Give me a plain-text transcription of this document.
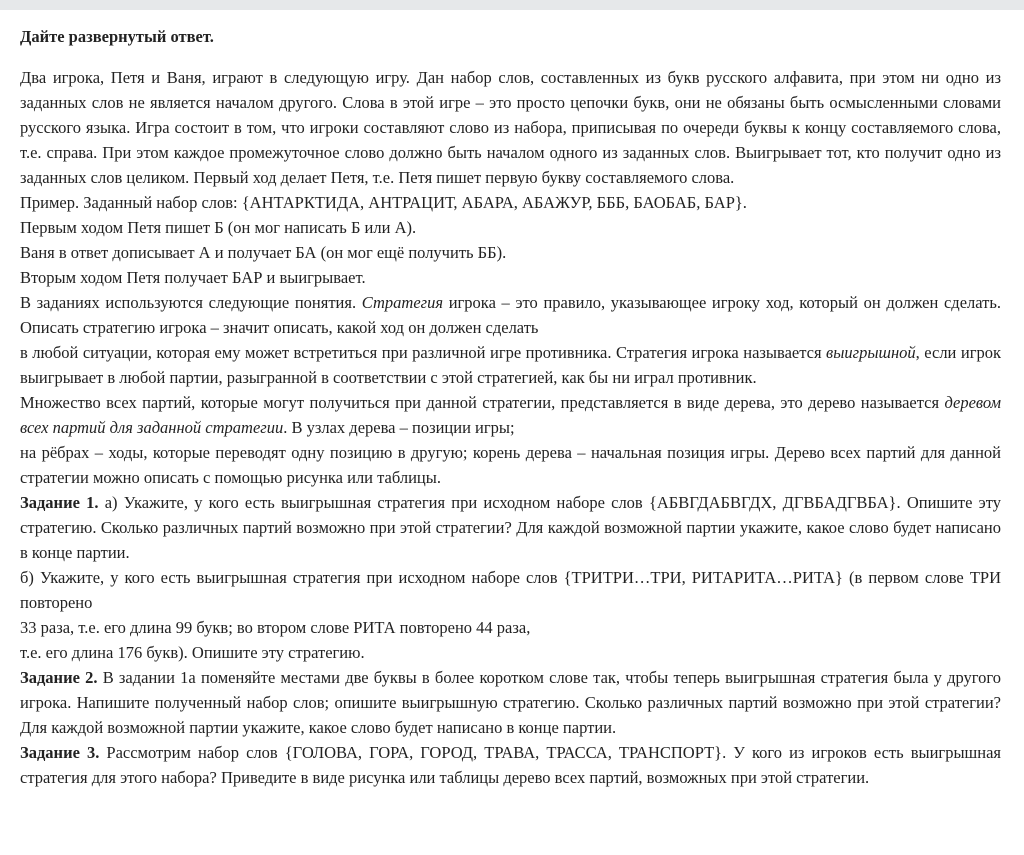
Дайте развернутый ответ.

Два игрока, Петя и Ваня, играют в следующую игру. Дан набор слов, составленных из букв русского алфавита, при этом ни одно из заданных слов не является началом другого. Слова в этой игре – это просто цепочки букв, они не обязаны быть осмысленными словами русского языка. Игра состоит в том, что игроки составляют слово из набора, приписывая по очереди буквы к концу составляемого слова, т.е. справа. При этом каждое промежуточное слово должно быть началом одного из заданных слов. Выигрывает тот, кто получит одно из заданных слов целиком. Первый ход делает Петя, т.е. Петя пишет первую букву составляемого слова.

Пример. Заданный набор слов: {АНТАРКТИДА, АНТРАЦИТ, АБАРА, АБАЖУР, БББ, БАОБАБ, БАР}.

Первым ходом Петя пишет Б (он мог написать Б или А).

Ваня в ответ дописывает А и получает БА (он мог ещё получить ББ).

Вторым ходом Петя получает БАР и выигрывает.

В заданиях используются следующие понятия. Стратегия игрока – это правило, указывающее игроку ход, который он должен сделать. Описать стратегию игрока – значит описать, какой ход он должен сделать

в любой ситуации, которая ему может встретиться при различной игре противника. Стратегия игрока называется выигрышной, если игрок выигрывает в любой партии, разыгранной в соответствии с этой стратегией, как бы ни играл противник.

Множество всех партий, которые могут получиться при данной стратегии, представляется в виде дерева, это дерево называется деревом всех партий для заданной стратегии. В узлах дерева – позиции игры;

на рёбрах – ходы, которые переводят одну позицию в другую; корень дерева – начальная позиция игры. Дерево всех партий для данной стратегии можно описать с помощью рисунка или таблицы.

Задание 1. а) Укажите, у кого есть выигрышная стратегия при исходном наборе слов {АБВГДАБВГДХ, ДГВБАДГВБА}. Опишите эту стратегию. Сколько различных партий возможно при этой стратегии? Для каждой возможной партии укажите, какое слово будет написано в конце партии.

б) Укажите, у кого есть выигрышная стратегия при исходном наборе слов {ТРИТРИ…ТРИ, РИТАРИТА…РИТА} (в первом слове ТРИ повторено

33 раза, т.е. его длина 99 букв; во втором слове РИТА повторено 44 раза,

т.е. его длина 176 букв). Опишите эту стратегию.

Задание 2. В задании 1а поменяйте местами две буквы в более коротком слове так, чтобы теперь выигрышная стратегия была у другого игрока. Напишите полученный набор слов; опишите выигрышную стратегию. Сколько различных партий возможно при этой стратегии? Для каждой возможной партии укажите, какое слово будет написано в конце партии.

Задание 3. Рассмотрим набор слов {ГОЛОВА, ГОРА, ГОРОД, ТРАВА, ТРАССА, ТРАНСПОРТ}. У кого из игроков есть выигрышная стратегия для этого набора? Приведите в виде рисунка или таблицы дерево всех партий, возможных при этой стратегии.
